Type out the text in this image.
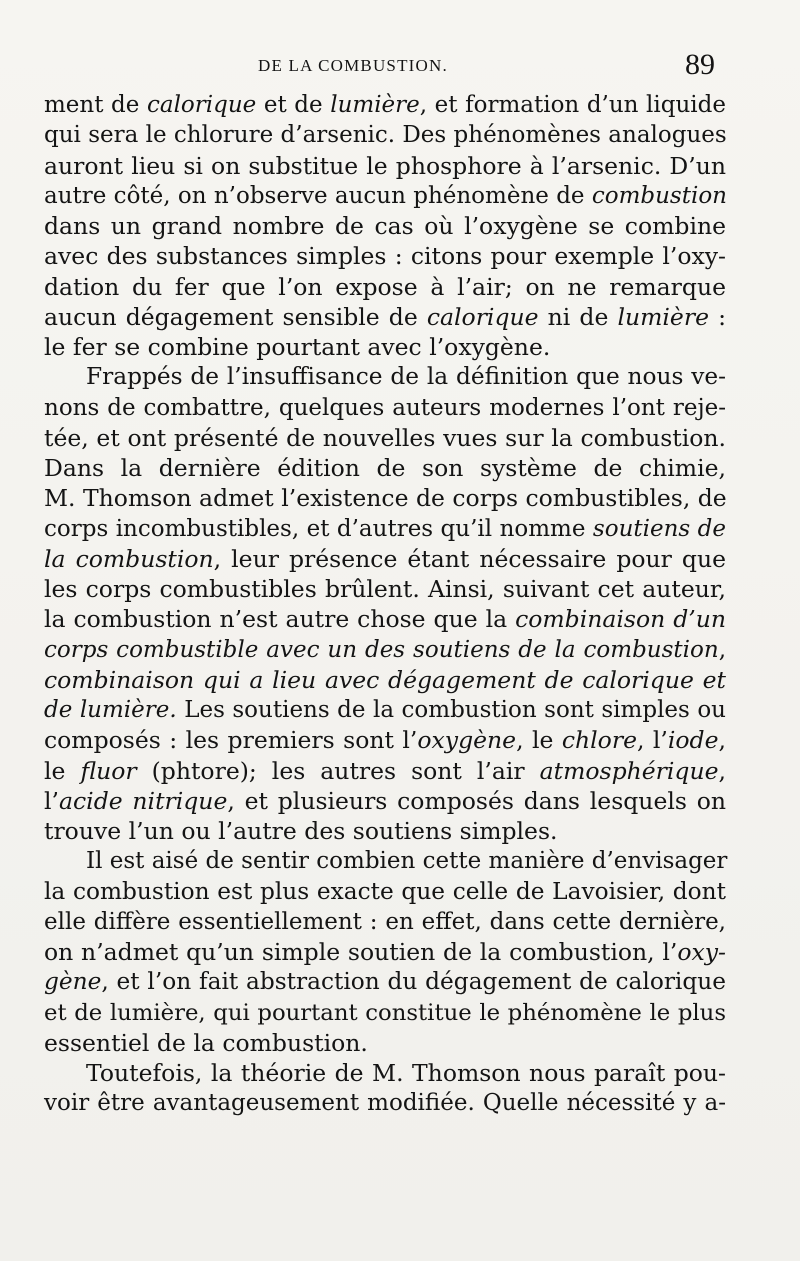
DE LA COMBUSTION.	89
ment de calorique et de lumière, et formation d’un liquide
qui sera le chlorure d’arsenic. Des phénomènes analogues
auront lieu si on substitue le phosphore à l’arsenic. D’un
autre côté, on n’observe aucun phénomène de combustion
dans un grand nombre de cas où l’oxygène se combine
avec des substances simples : citons pour exemple l’oxy-
dation du fer que l’on expose à l’air; on ne remarque
aucun dégagement sensible de calorique ni de lumière :
le fer se combine pourtant avec l’oxygène.
Frappés de l’insuffisance de la définition que nous ve-
nons de combattre, quelques auteurs modernes l’ont reje-
tée, et ont présenté de nouvelles vues sur la combustion.
Dans la dernière édition de son système de chimie,
M. Thomson admet l’existence de corps combustibles, de
corps incombustibles, et d’autres qu’il nomme soutiens de
la combustion, leur présence étant nécessaire pour que
les corps combustibles brûlent. Ainsi, suivant cet auteur,
la combustion n’est autre chose que la combinaison d’un
corps combustible avec un des soutiens de la combustion,
combinaison qui a lieu avec dégagement de calorique et
de lumière. Les soutiens de la combustion sont simples ou
composés : les premiers sont l’oxygène, le chlore, l’iode,
le fluor (phtore); les autres sont l’air atmosphérique,
l’acide nitrique, et plusieurs composés dans lesquels on
trouve l’un ou l’autre des soutiens simples.
Il est aisé de sentir combien cette manière d’envisager
la combustion est plus exacte que celle de Lavoisier, dont
elle diffère essentiellement : en effet, dans cette dernière,
on n’admet qu’un simple soutien de la combustion, l’oxy-
gène, et l’on fait abstraction du dégagement de calorique
et de lumière, qui pourtant constitue le phénomène le plus
essentiel de la combustion.
Toutefois, la théorie de M. Thomson nous paraît pou-
voir être avantageusement modifiée. Quelle nécessité y a-
